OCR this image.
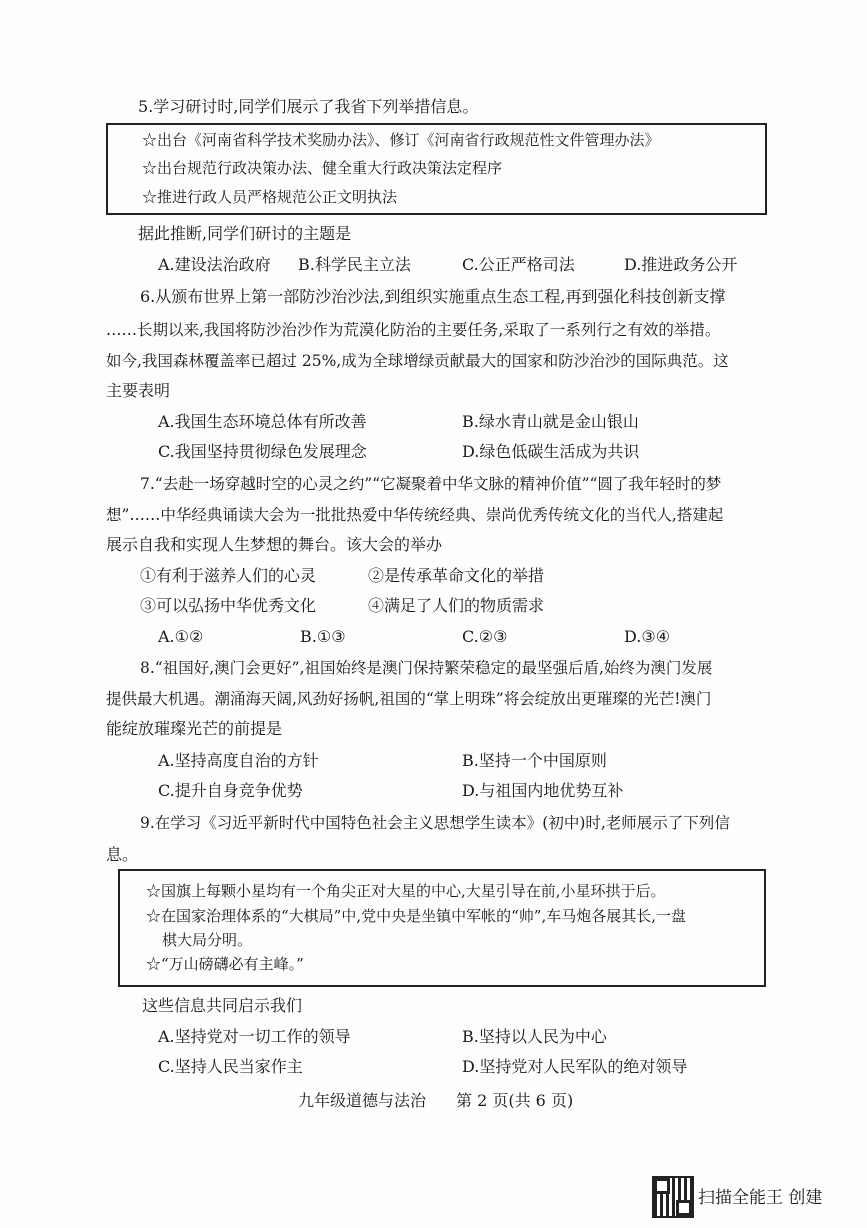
5.学习研讨时,同学们展示了我省下列举措信息。
☆出台《河南省科学技术奖励办法》、修订《河南省行政规范性文件管理办法》
☆出台规范行政决策办法、健全重大行政决策法定程序
☆推进行政人员严格规范公正文明执法
据此推断,同学们研讨的主题是
A.建设法治政府 B.科学民主立法	C.公正严格司法	D.推进政务公开
6.从颁布世界上第一部防沙治沙法,到组织实施重点生态工程,再到强化科技创新支撑
……长期以来,我国将防沙治沙作为荒漠化防治的主要任务,采取了一系列行之有效的举措。
如今,我国森林覆盖率已超过 25%,成为全球增绿贡献最大的国家和防沙治沙的国际典范。这
主要表明
A.我国生态环境总体有所改善	B.绿水青山就是金山银山
C.我国坚持贯彻绿色发展理念	D.绿色低碳生活成为共识
7.“去赴一场穿越时空的心灵之约”“它凝聚着中华文脉的精神价值”“圆了我年轻时的梦
想”……中华经典诵读大会为一批批热爱中华传统经典、崇尚优秀传统文化的当代人,搭建起
展示自我和实现人生梦想的舞台。该大会的举办
①有利于滋养人们的心灵	②是传承革命文化的举措
③可以弘扬中华优秀文化	④满足了人们的物质需求
A.①②	B.①③	C.②③	D.③④
8.“祖国好,澳门会更好”,祖国始终是澳门保持繁荣稳定的最坚强后盾,始终为澳门发展
提供最大机遇。潮涌海天阔,风劲好扬帆,祖国的“掌上明珠”将会绽放出更璀璨的光芒!澳门
能绽放璀璨光芒的前提是
A.坚持高度自治的方针	B.坚持一个中国原则
C.提升自身竞争优势	D.与祖国内地优势互补
9.在学习《习近平新时代中国特色社会主义思想学生读本》(初中)时,老师展示了下列信
息。
☆国旗上每颗小星均有一个角尖正对大星的中心,大星引导在前,小星环拱于后。
☆在国家治理体系的“大棋局”中,党中央是坐镇中军帐的“帅”,车马炮各展其长,一盘
棋大局分明。
☆“万山磅礴必有主峰。”
这些信息共同启示我们
A.坚持党对一切工作的领导	B.坚持以人民为中心
C.坚持人民当家作主	D.坚持党对人民军队的绝对领导
九年级道德与法治 第 2 页(共 6 页)
扫描全能王 创建
